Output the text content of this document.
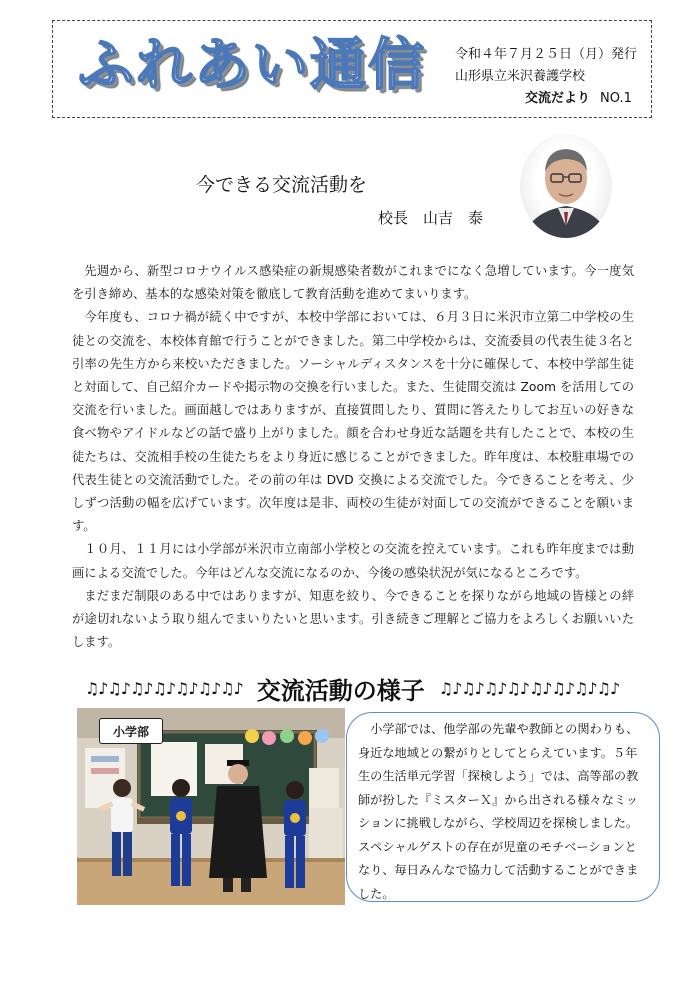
ふれあい通信 令和４年７月２５日（月）発行
山形県立米沢養護学校
交流だより NO.1
今できる交流活動を
校長　山吉　泰

先週から、新型コロナウイルス感染症の新規感染者数がこれまでになく急増しています。今一度気を引き締め、基本的な感染対策を徹底して教育活動を進めてまいります。

今年度も、コロナ禍が続く中ですが、本校中学部においては、６月３日に米沢市立第二中学校の生徒との交流を、本校体育館で行うことができました。第二中学校からは、交流委員の代表生徒３名と引率の先生方から来校いただきました。ソーシャルディスタンスを十分に確保して、本校中学部生徒と対面して、自己紹介カードや掲示物の交換を行いました。また、生徒間交流は Zoom を活用しての交流を行いました。画面越しではありますが、直接質問したり、質問に答えたりしてお互いの好きな食べ物やアイドルなどの話で盛り上がりました。顔を合わせ身近な話題を共有したことで、本校の生徒たちは、交流相手校の生徒たちをより身近に感じることができました。昨年度は、本校駐車場での代表生徒との交流活動でした。その前の年は DVD 交換による交流でした。今できることを考え、少しずつ活動の幅を広げています。次年度は是非、両校の生徒が対面しての交流ができることを願います。

１０月、１１月には小学部が米沢市立南部小学校との交流を控えています。これも昨年度までは動画による交流でした。今年はどんな交流になるのか、今後の感染状況が気になるところです。

まだまだ制限のある中ではありますが、知恵を絞り、今できることを探りながら地域の皆様との絆が途切れないよう取り組んでまいりたいと思います。引き続きご理解とご協力をよろしくお願いいたします。

♫♪♫♪♫♪♫♪♫♪♫♪♫♪ 交流活動の様子 ♫♪♫♪♫♪♫♪♫♪♫♪♫♪♫♪
小学部	小学部では、他学部の先輩や教師との関わりも、身近な地域との繋がりとしてとらえています。５年生の生活単元学習「探検しよう」では、高等部の教師が扮した『ミスターＸ』から出される様々なミッションに挑戦しながら、学校周辺を探検しました。スペシャルゲストの存在が児童のモチベーションとなり、毎日みんなで協力して活動することができました。
